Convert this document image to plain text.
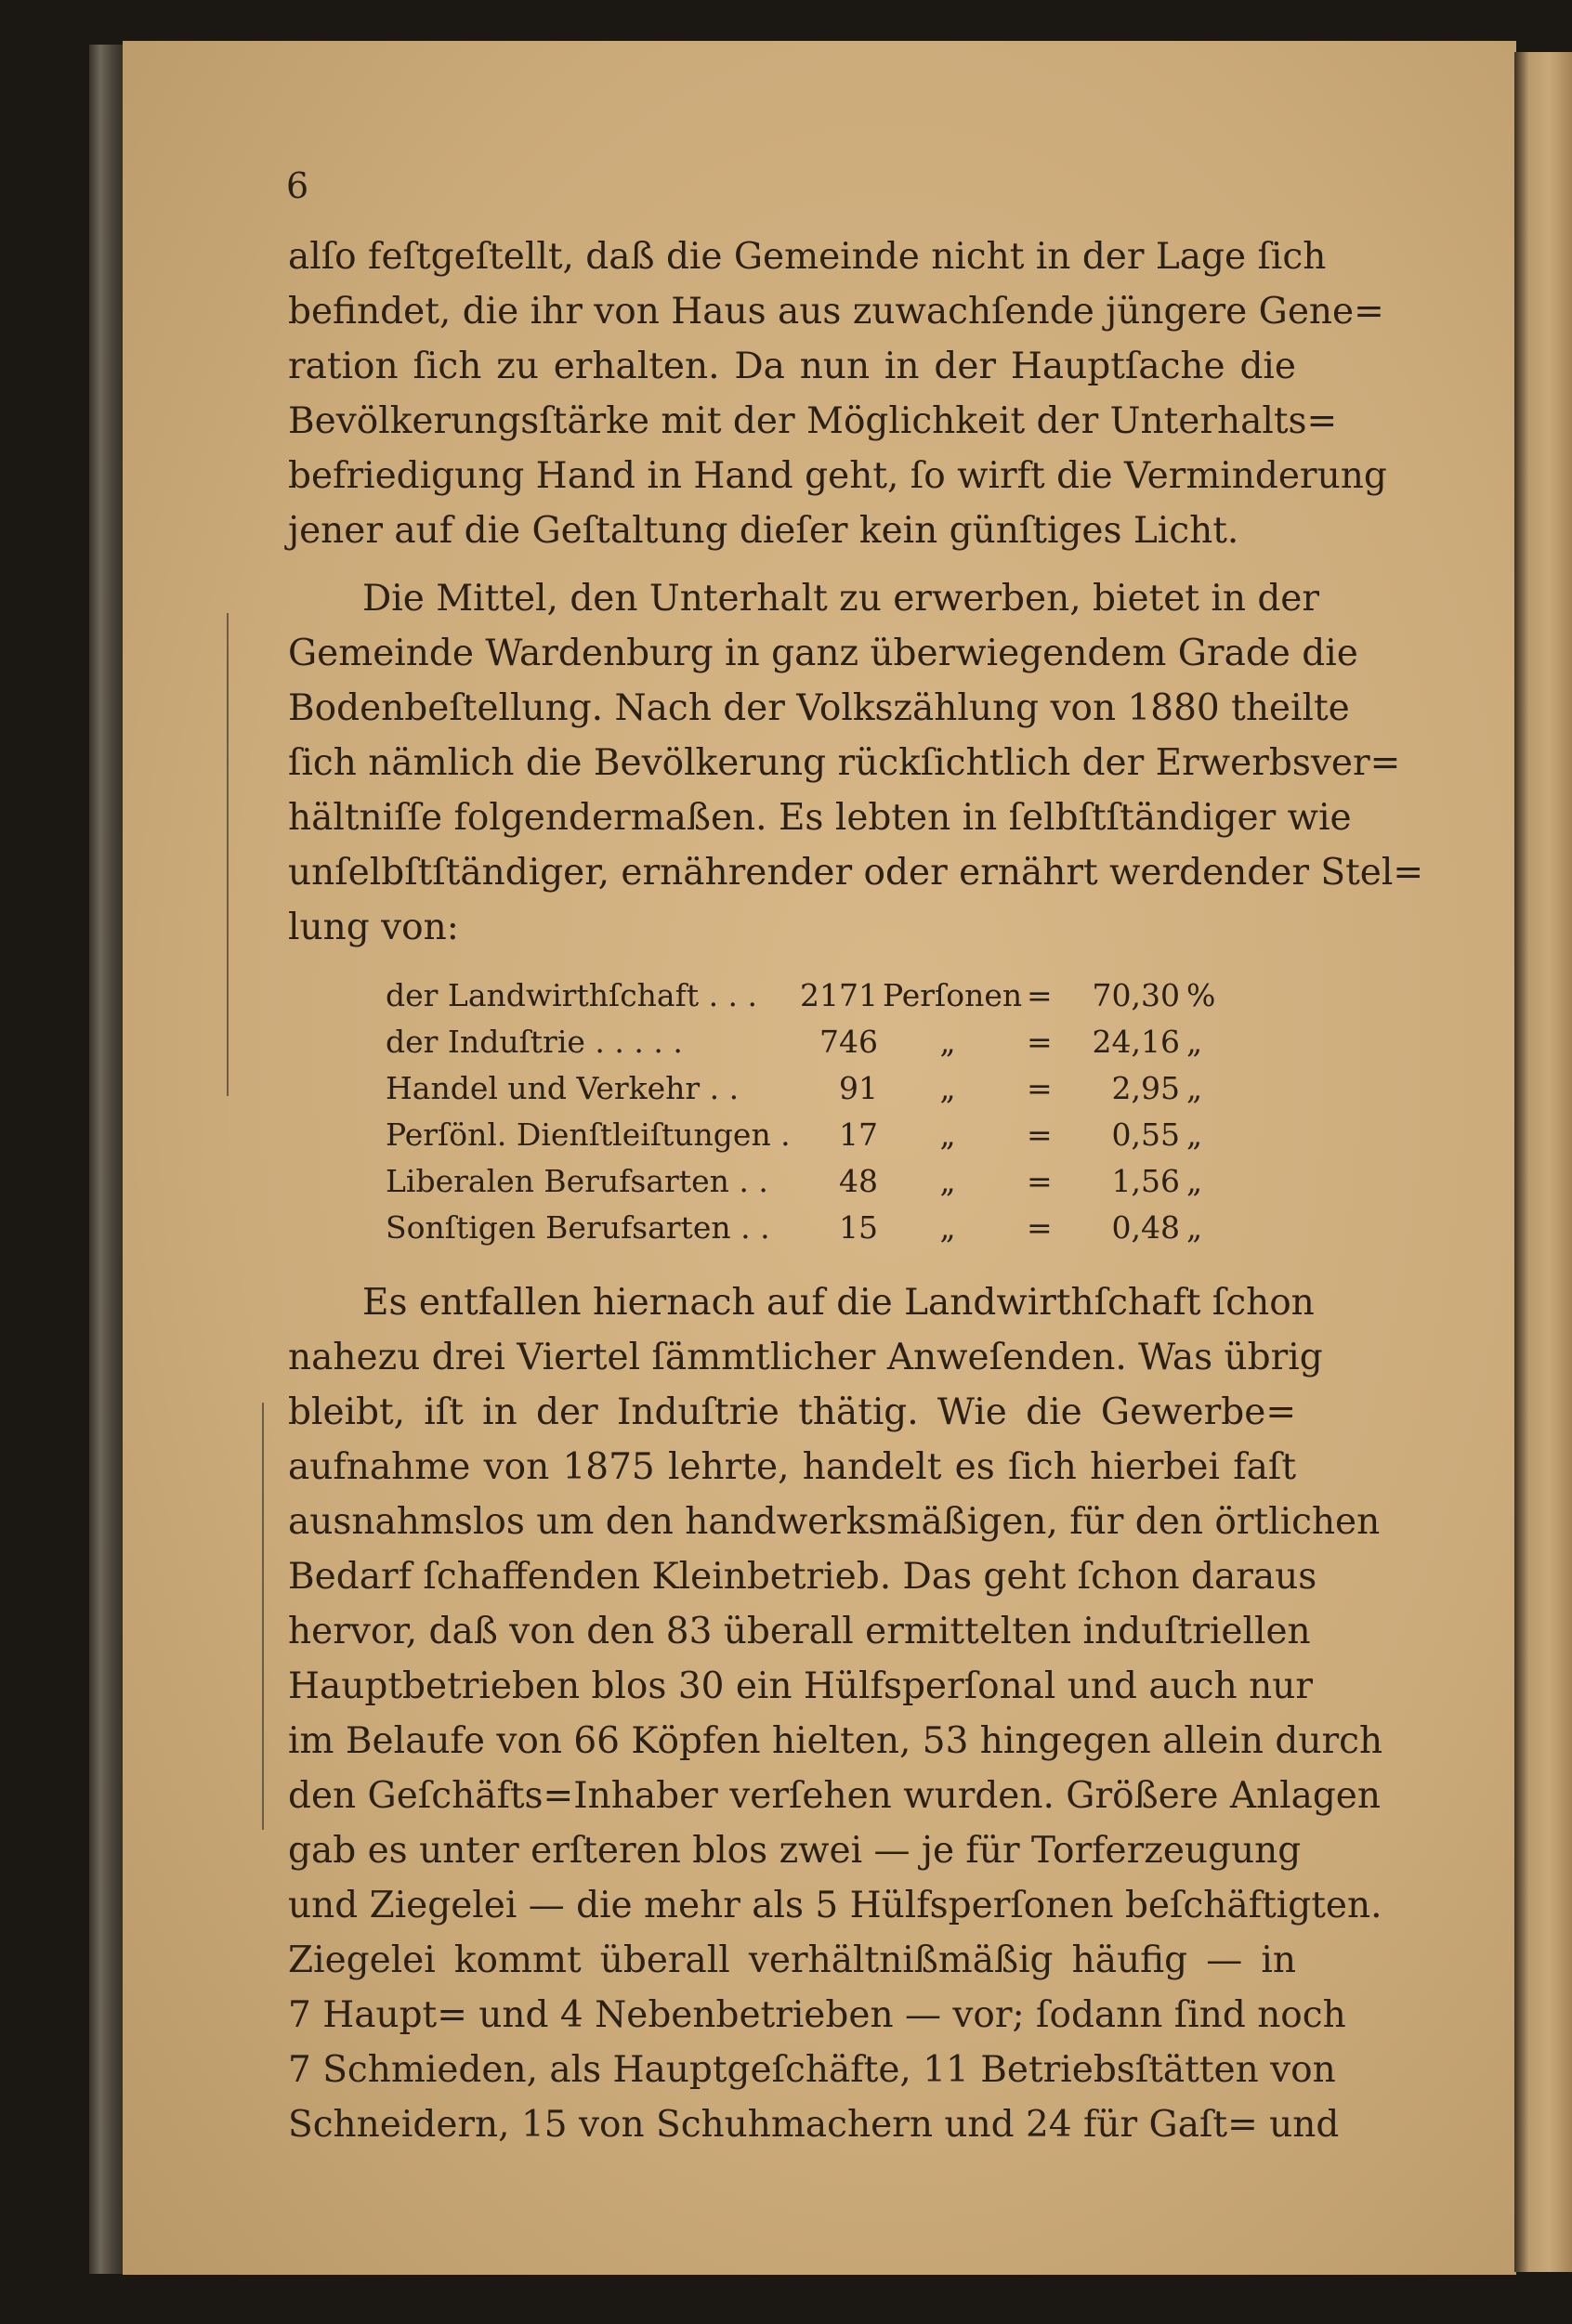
6
alſo feſtgeſtellt, daß die Gemeinde nicht in der Lage ſich
befindet, die ihr von Haus aus zuwachſende jüngere Gene=
ration ſich zu erhalten. Da nun in der Hauptſache die
Bevölkerungsſtärke mit der Möglichkeit der Unterhalts=
befriedigung Hand in Hand geht, ſo wirft die Verminderung
jener auf die Geſtaltung dieſer kein günſtiges Licht.
Die Mittel, den Unterhalt zu erwerben, bietet in der
Gemeinde Wardenburg in ganz überwiegendem Grade die
Bodenbeſtellung. Nach der Volkszählung von 1880 theilte
ſich nämlich die Bevölkerung rückſichtlich der Erwerbsver=
hältniſſe folgendermaßen. Es lebten in ſelbſtſtändiger wie
unſelbſtſtändiger, ernährender oder ernährt werdender Stel=
lung von:
der Landwirthſchaft . . . 2171 Perſonen =	70,30 %
der Induſtrie . . . . .	746	„	=	24,16 „
Handel und Verkehr . .	91	„	=	2,95 „
Perſönl. Dienſtleiſtungen .	17	„	=	0,55 „
Liberalen Berufsarten . .	48	„	=	1,56 „
Sonſtigen Berufsarten . .	15	„	=	0,48 „
Es entfallen hiernach auf die Landwirthſchaft ſchon
nahezu drei Viertel ſämmtlicher Anweſenden. Was übrig
bleibt, iſt in der Induſtrie thätig. Wie die Gewerbe=
aufnahme von 1875 lehrte, handelt es ſich hierbei faſt
ausnahmslos um den handwerksmäßigen, für den örtlichen
Bedarf ſchaffenden Kleinbetrieb. Das geht ſchon daraus
hervor, daß von den 83 überall ermittelten induſtriellen
Hauptbetrieben blos 30 ein Hülfsperſonal und auch nur
im Belaufe von 66 Köpfen hielten, 53 hingegen allein durch
den Geſchäfts=Inhaber verſehen wurden. Größere Anlagen
gab es unter erſteren blos zwei — je für Torferzeugung
und Ziegelei — die mehr als 5 Hülfsperſonen beſchäftigten.
Ziegelei kommt überall verhältnißmäßig häufig — in
7 Haupt= und 4 Nebenbetrieben — vor; ſodann ſind noch
7 Schmieden, als Hauptgeſchäfte, 11 Betriebsſtätten von
Schneidern, 15 von Schuhmachern und 24 für Gaſt= und
